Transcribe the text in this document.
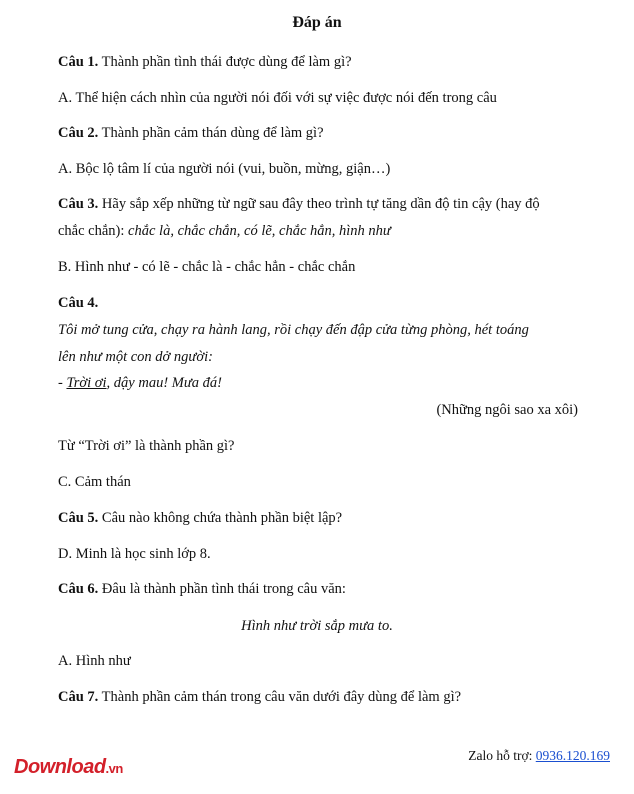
Đáp án
Câu 1. Thành phần tình thái được dùng để làm gì?
A. Thể hiện cách nhìn của người nói đối với sự việc được nói đến trong câu
Câu 2. Thành phần cảm thán dùng để làm gì?
A. Bộc lộ tâm lí của người nói (vui, buồn, mừng, giận…)
Câu 3. Hãy sắp xếp những từ ngữ sau đây theo trình tự tăng dần độ tin cậy (hay độ
chắc chắn): chắc là, chắc chắn, có lẽ, chắc hẳn, hình như
B. Hình như - có lẽ - chắc là - chắc hẳn - chắc chắn
Câu 4.
Tôi mở tung cửa, chạy ra hành lang, rồi chạy đến đập cửa từng phòng, hét toáng
lên như một con dở người:
- Trời ơi, dậy mau! Mưa đá!
(Những ngôi sao xa xôi)
Từ “Trời ơi” là thành phần gì?
C. Cảm thán
Câu 5. Câu nào không chứa thành phần biệt lập?
D. Minh là học sinh lớp 8.
Câu 6. Đâu là thành phần tình thái trong câu văn:
Hình như trời sắp mưa to.
A. Hình như
Câu 7. Thành phần cảm thán trong câu văn dưới đây dùng để làm gì?
Download.vn
Zalo hỗ trợ: 0936.120.169
